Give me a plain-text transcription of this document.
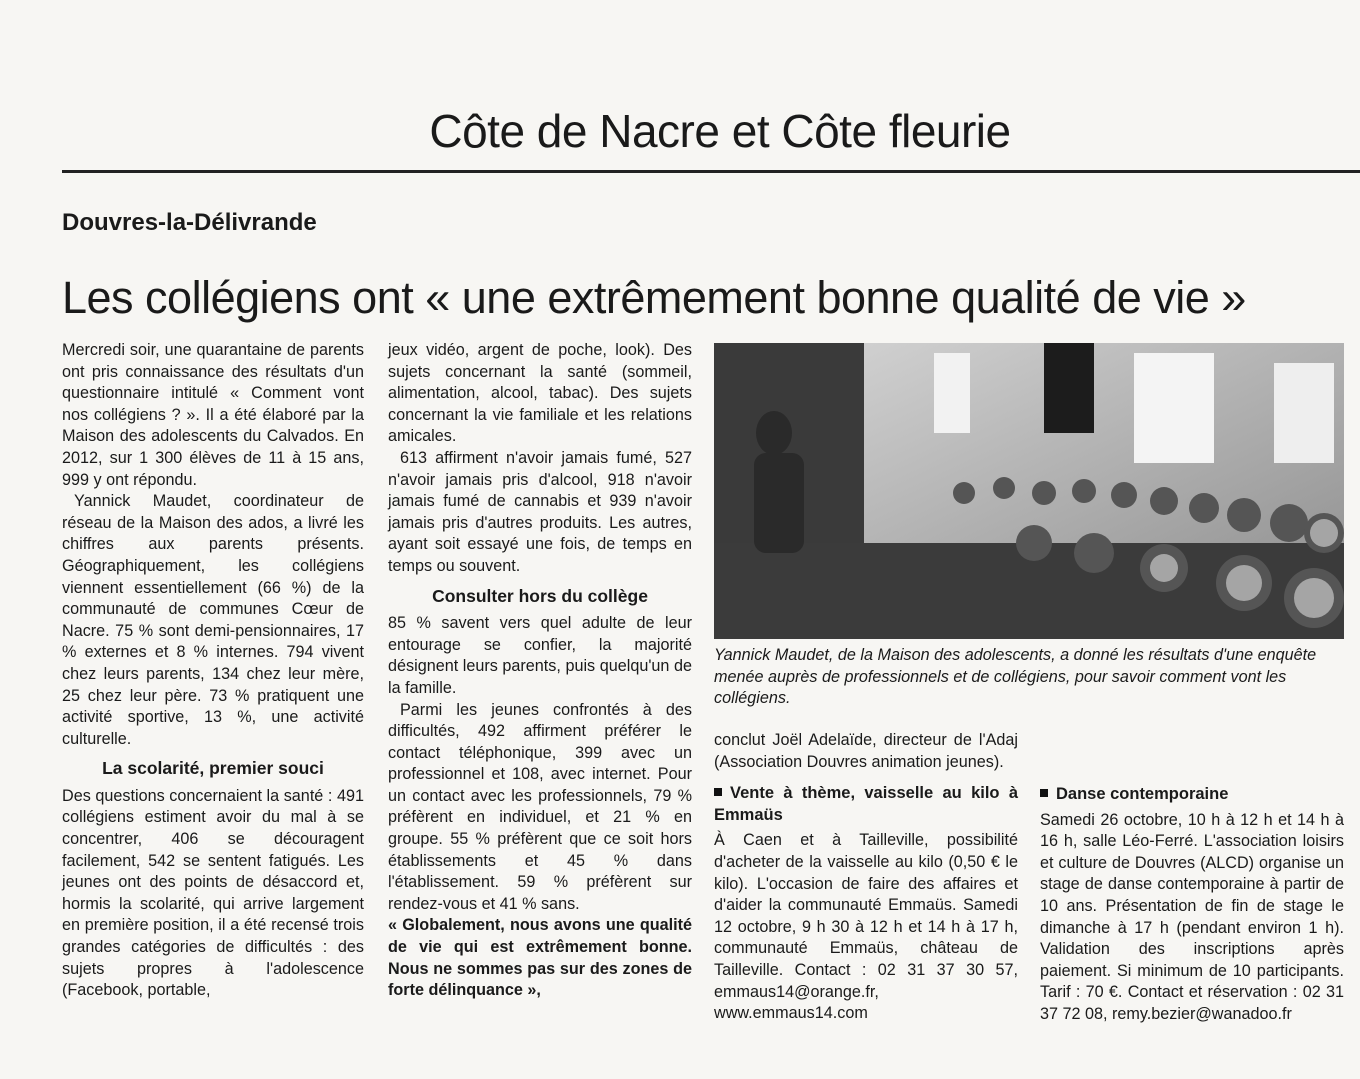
Côte de Nacre et Côte fleurie
Douvres-la-Délivrande
Les collégiens ont « une extrêmement bonne qualité de vie »

Mercredi soir, une quarantaine de parents ont pris connaissance des résultats d'un questionnaire intitulé « Comment vont nos collégiens ? ». Il a été élaboré par la Maison des adolescents du Calvados. En 2012, sur 1 300 élèves de 11 à 15 ans, 999 y ont répondu.

Yannick Maudet, coordinateur de réseau de la Maison des ados, a livré les chiffres aux parents présents. Géographiquement, les collégiens viennent essentiellement (66 %) de la communauté de communes Cœur de Nacre. 75 % sont demi-pensionnaires, 17 % externes et 8 % internes. 794 vivent chez leurs parents, 134 chez leur mère, 25 chez leur père. 73 % pratiquent une activité sportive, 13 %, une activité culturelle.

La scolarité, premier souci

Des questions concernaient la santé : 491 collégiens estiment avoir du mal à se concentrer, 406 se découragent facilement, 542 se sentent fatigués. Les jeunes ont des points de désaccord et, hormis la scolarité, qui arrive largement en première position, il a été recensé trois grandes catégories de difficultés : des sujets propres à l'adolescence (Facebook, portable,

jeux vidéo, argent de poche, look). Des sujets concernant la santé (sommeil, alimentation, alcool, tabac). Des sujets concernant la vie familiale et les relations amicales.

613 affirment n'avoir jamais fumé, 527 n'avoir jamais pris d'alcool, 918 n'avoir jamais fumé de cannabis et 939 n'avoir jamais pris d'autres produits. Les autres, ayant soit essayé une fois, de temps en temps ou souvent.

Consulter hors du collège

85 % savent vers quel adulte de leur entourage se confier, la majorité désignent leurs parents, puis quelqu'un de la famille.

Parmi les jeunes confrontés à des difficultés, 492 affirment préférer le contact téléphonique, 399 avec un professionnel et 108, avec internet. Pour un contact avec les professionnels, 79 % préfèrent en individuel, et 21 % en groupe. 55 % préfèrent que ce soit hors établissements et 45 % dans l'établissement. 59 % préfèrent sur rendez-vous et 41 % sans.

« Globalement, nous avons une qualité de vie qui est extrêmement bonne. Nous ne sommes pas sur des zones de forte délinquance »,

Yannick Maudet, de la Maison des adolescents, a donné les résultats d'une enquête menée auprès de professionnels et de collégiens, pour savoir comment vont les collégiens.

conclut Joël Adelaïde, directeur de l'Adaj (Association Douvres animation jeunes).

Vente à thème, vaisselle au kilo à Emmaüs

À Caen et à Tailleville, possibilité d'acheter de la vaisselle au kilo (0,50 € le kilo). L'occasion de faire des affaires et d'aider la communauté Emmaüs. Samedi 12 octobre, 9 h 30 à 12 h et 14 h à 17 h, communauté Emmaüs, château de Tailleville. Contact : 02 31 37 30 57, emmaus14@orange.fr, www.emmaus14.com

Danse contemporaine

Samedi 26 octobre, 10 h à 12 h et 14 h à 16 h, salle Léo-Ferré. L'association loisirs et culture de Douvres (ALCD) organise un stage de danse contemporaine à partir de 10 ans. Présentation de fin de stage le dimanche à 17 h (pendant environ 1 h). Validation des inscriptions après paiement. Si minimum de 10 participants. Tarif : 70 €. Contact et réservation : 02 31 37 72 08, remy.bezier@wanadoo.fr
